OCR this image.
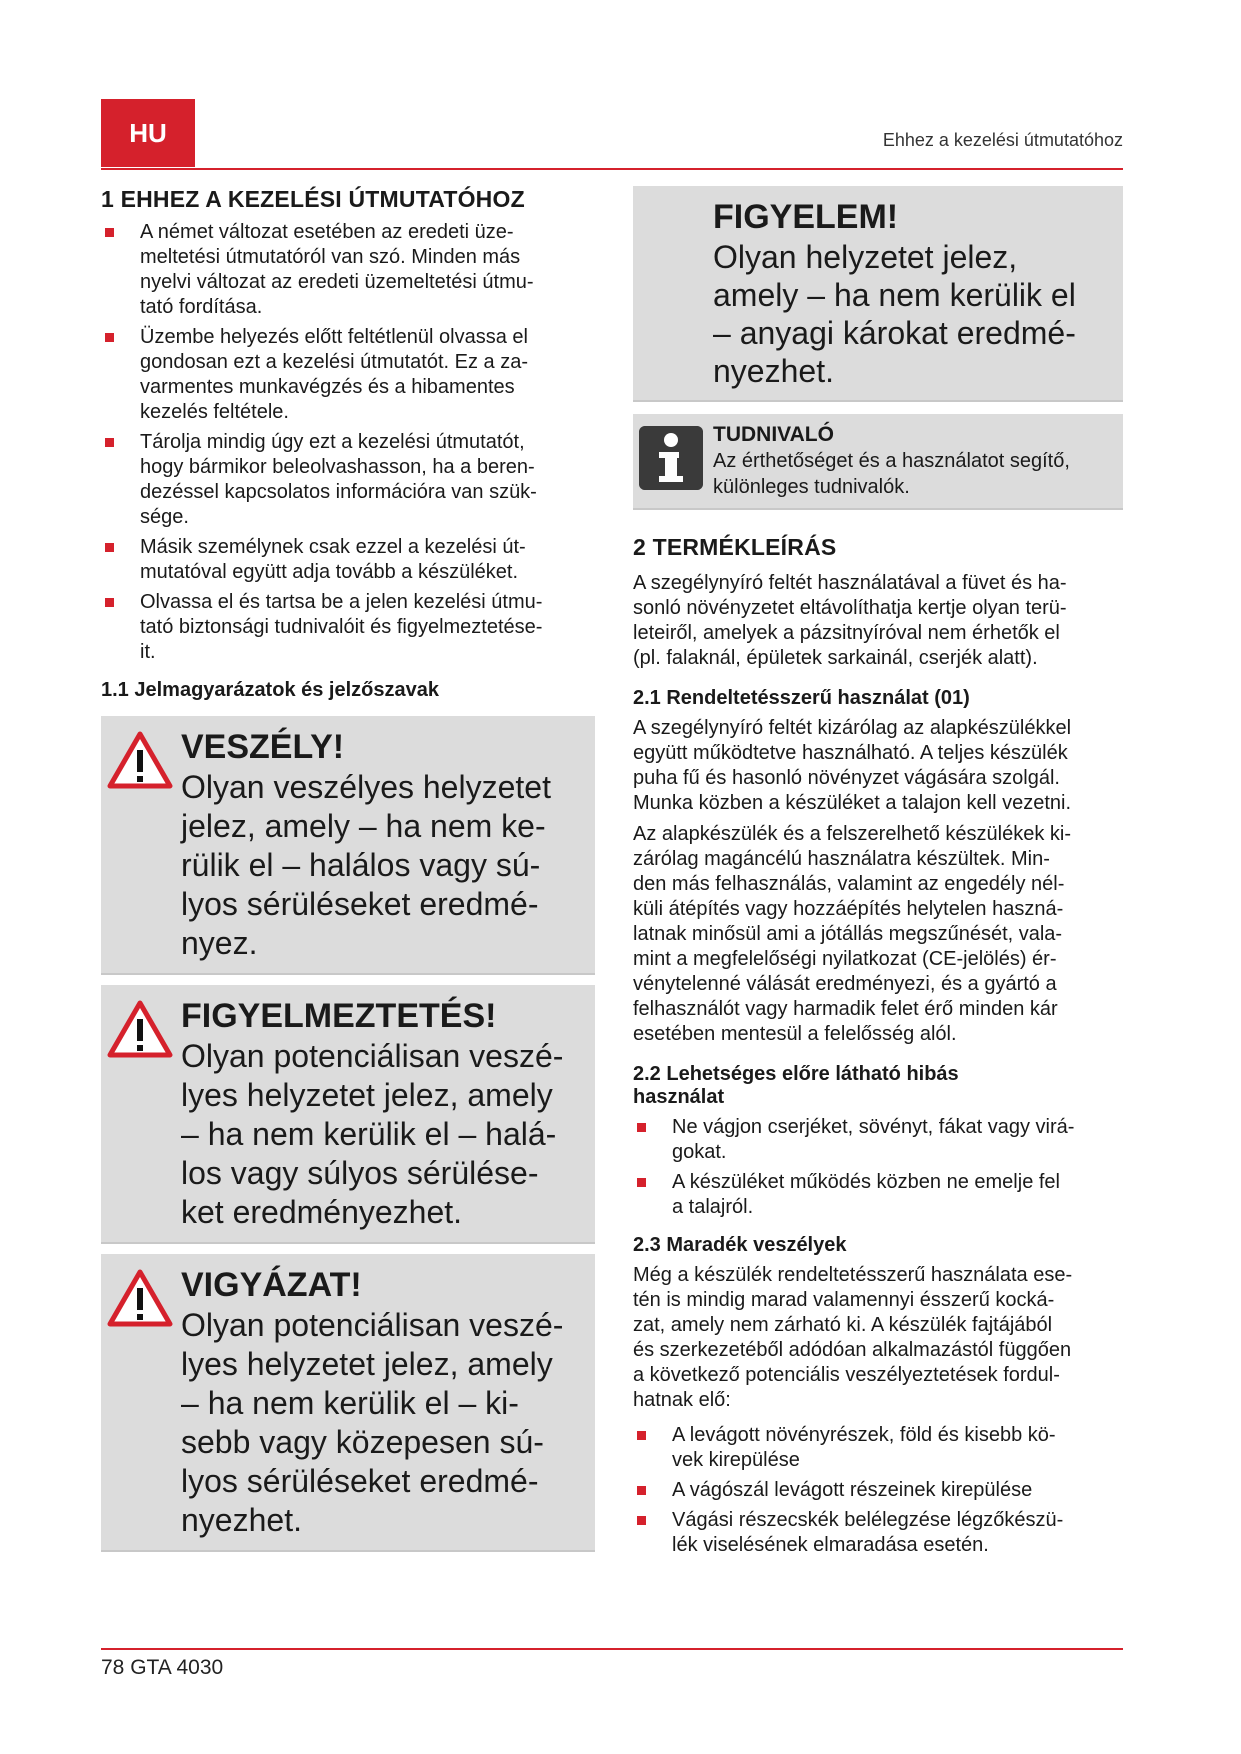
HU	Ehhez a kezelési útmutatóhoz
1 EHHEZ A KEZELÉSI ÚTMUTATÓHOZ
A német változat esetében az eredeti üze-
meltetési útmutatóról van szó. Minden más
nyelvi változat az eredeti üzemeltetési útmu-
tató fordítása.
Üzembe helyezés előtt feltétlenül olvassa el
gondosan ezt a kezelési útmutatót. Ez a za-
varmentes munkavégzés és a hibamentes
kezelés feltétele.
Tárolja mindig úgy ezt a kezelési útmutatót,
hogy bármikor beleolvashasson, ha a beren-
dezéssel kapcsolatos információra van szük-
sége.
Másik személynek csak ezzel a kezelési út-
mutatóval együtt adja tovább a készüléket.
Olvassa el és tartsa be a jelen kezelési útmu-
tató biztonsági tudnivalóit és figyelmeztetése-
it.
1.1 Jelmagyarázatok és jelzőszavak
VESZÉLY!
Olyan veszélyes helyzetet
jelez, amely – ha nem ke-
rülik el – halálos vagy sú-
lyos sérüléseket eredmé-
nyez.
FIGYELMEZTETÉS!
Olyan potenciálisan veszé-
lyes helyzetet jelez, amely
– ha nem kerülik el – halá-
los vagy súlyos sérülése-
ket eredményezhet.
VIGYÁZAT!
Olyan potenciálisan veszé-
lyes helyzetet jelez, amely
– ha nem kerülik el – ki-
sebb vagy közepesen sú-
lyos sérüléseket eredmé-
nyezhet.
FIGYELEM!
Olyan helyzetet jelez,
amely – ha nem kerülik el
– anyagi károkat eredmé-
nyezhet.
TUDNIVALÓ
Az érthetőséget és a használatot segítő,
különleges tudnivalók.
2 TERMÉKLEÍRÁS

A szegélynyíró feltét használatával a füvet és ha-
sonló növényzetet eltávolíthatja kertje olyan terü-
leteiről, amelyek a pázsitnyíróval nem érhetők el
(pl. falaknál, épületek sarkainál, cserjék alatt).

2.1 Rendeltetésszerű használat (01)

A szegélynyíró feltét kizárólag az alapkészülékkel
együtt működtetve használható. A teljes készülék
puha fű és hasonló növényzet vágására szolgál.
Munka közben a készüléket a talajon kell vezetni.

Az alapkészülék és a felszerelhető készülékek ki-
zárólag magáncélú használatra készültek. Min-
den más felhasználás, valamint az engedély nél-
küli átépítés vagy hozzáépítés helytelen haszná-
latnak minősül ami a jótállás megszűnését, vala-
mint a megfelelőségi nyilatkozat (CE-jelölés) ér-
vénytelenné válását eredményezi, és a gyártó a
felhasználót vagy harmadik felet érő minden kár
esetében mentesül a felelősség alól.

2.2 Lehetséges előre látható hibás
használat
Ne vágjon cserjéket, sövényt, fákat vagy virá-
gokat.
A készüléket működés közben ne emelje fel
a talajról.
2.3 Maradék veszélyek

Még a készülék rendeltetésszerű használata ese-
tén is mindig marad valamennyi ésszerű kocká-
zat, amely nem zárható ki. A készülék fajtájából
és szerkezetéből adódóan alkalmazástól függően
a következő potenciális veszélyeztetések fordul-
hatnak elő:

A levágott növényrészek, föld és kisebb kö-
vek kirepülése
A vágószál levágott részeinek kirepülése
Vágási részecskék belélegzése légzőkészü-
lék viselésének elmaradása esetén.
78 GTA 4030
